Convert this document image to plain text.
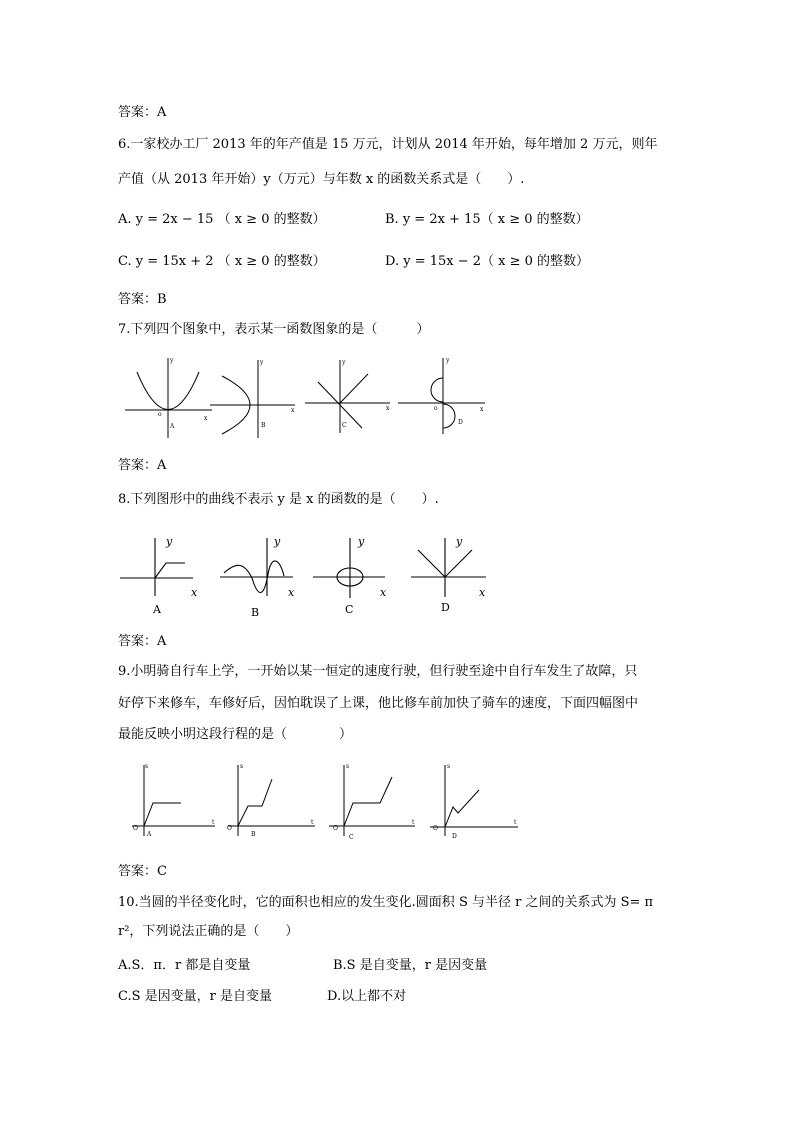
答案：A
6.一家校办工厂 2013 年的年产值是 15 万元，计划从 2014 年开始，每年增加 2 万元，则年
产值（从 2013 年开始）y（万元）与年数 x 的函数关系式是（　　）.
A. y = 2x − 15 （ x ≥ 0 的整数）	B. y = 2x + 15（ x ≥ 0 的整数）
C. y = 15x + 2 （ x ≥ 0 的整数）	D. y = 15x − 2（ x ≥ 0 的整数）
答案：B
7.下列四个图象中，表示某一函数图象的是（　　　）
y
x
o
A
y
x
B
y
x
C
y
x
o
D
答案：A
8.下列图形中的曲线不表示 y 是 x 的函数的是（　　）.
y
x
y
x
y
x
y
x
A	B	C	D
答案：A
9.小明骑自行车上学，一开始以某一恒定的速度行驶，但行驶至途中自行车发生了故障，只
好停下来修车，车修好后，因怕耽误了上课，他比修车前加快了骑车的速度，下面四幅图中
最能反映小明这段行程的是（　　　　）
s
t
O
A
s
t
O
B
s
t
O
C
s
t
O
D
答案：C
10.当圆的半径变化时，它的面积也相应的发生变化.圆面积 S 与半径 r 之间的关系式为 S= π
r²，下列说法正确的是（　　）
A.S．π．r 都是自变量	B.S 是自变量，r 是因变量
C.S 是因变量，r 是自变量	D.以上都不对
